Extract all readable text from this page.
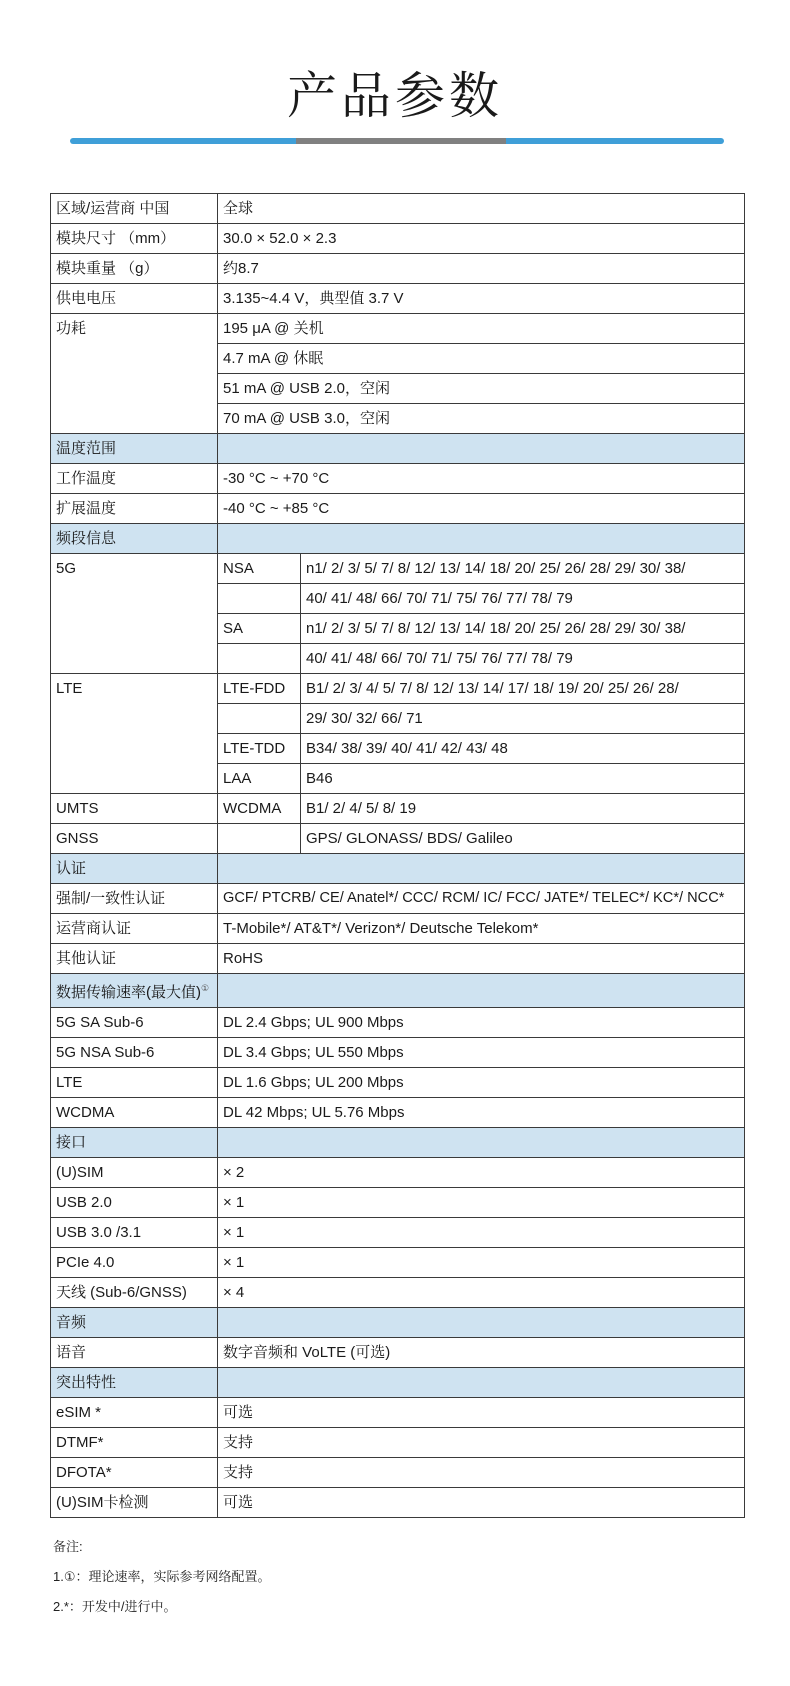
产品参数
区域/运营商 中国	全球	
模块尺寸 （mm）	30.0 × 52.0 × 2.3	
模块重量 （g）	约8.7	
供电电压	3.135~4.4 V，典型值 3.7 V	
功耗	195 μA @ 关机	
	4.7 mA @ 休眠	
	51 mA @ USB 2.0，空闲	
	70 mA @ USB 3.0，空闲	
温度范围		
工作温度	-30 °C ~ +70 °C	
扩展温度	-40 °C ~ +85 °C	
频段信息		
5G	NSA	n1/ 2/ 3/ 5/ 7/ 8/ 12/ 13/ 14/ 18/ 20/ 25/ 26/ 28/ 29/ 30/ 38/
		40/ 41/ 48/ 66/ 70/ 71/ 75/ 76/ 77/ 78/ 79
	SA	n1/ 2/ 3/ 5/ 7/ 8/ 12/ 13/ 14/ 18/ 20/ 25/ 26/ 28/ 29/ 30/ 38/
		40/ 41/ 48/ 66/ 70/ 71/ 75/ 76/ 77/ 78/ 79
LTE	LTE-FDD	B1/ 2/ 3/ 4/ 5/ 7/ 8/ 12/ 13/ 14/ 17/ 18/ 19/ 20/ 25/ 26/ 28/
		29/ 30/ 32/ 66/ 71
	LTE-TDD	B34/ 38/ 39/ 40/ 41/ 42/ 43/ 48
	LAA	B46
UMTS	WCDMA	B1/ 2/ 4/ 5/ 8/ 19
GNSS		GPS/ GLONASS/ BDS/ Galileo
认证		
强制/一致性认证	GCF/ PTCRB/ CE/ Anatel*/ CCC/ RCM/ IC/ FCC/ JATE*/ TELEC*/ KC*/ NCC*	
运营商认证	T-Mobile*/ AT&T*/ Verizon*/ Deutsche Telekom*	
其他认证	RoHS	
数据传输速率(最大值)①	
5G SA Sub-6	DL 2.4 Gbps; UL 900 Mbps	
5G NSA Sub-6	DL 3.4 Gbps; UL 550 Mbps	
LTE	DL 1.6 Gbps; UL 200 Mbps	
WCDMA	DL 42 Mbps; UL 5.76 Mbps	
接口		
(U)SIM	× 2	
USB 2.0	× 1	
USB 3.0 /3.1	× 1	
PCIe 4.0	× 1	
天线 (Sub-6/GNSS)	× 4	
音频		
语音	数字音频和 VoLTE (可选)	
突出特性		
eSIM *	可选	
DTMF*	支持	
DFOTA*	支持	
(U)SIM卡检测	可选	
备注:
1.①：理论速率，实际参考网络配置。
2.*：开发中/进行中。
